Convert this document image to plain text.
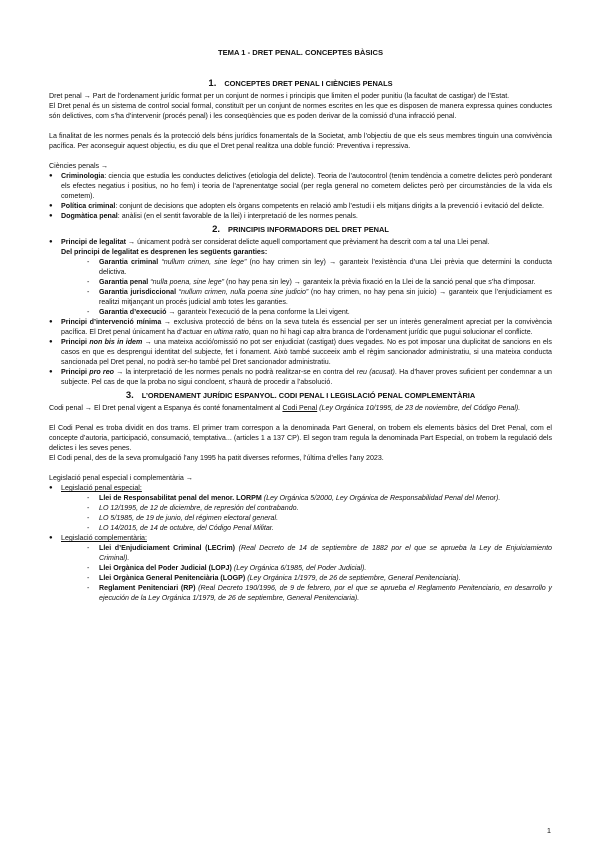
TEMA 1 - DRET PENAL. CONCEPTES BÀSICS
1. CONCEPTES DRET PENAL I CIÈNCIES PENALS

Dret penal → Part de l’ordenament jurídic format per un conjunt de normes i principis que limiten el poder punitiu (la facultat de castigar) de l’Estat.

El Dret penal és un sistema de control social formal, constituït per un conjunt de normes escrites en les que es disposen de manera expressa quines conductes són delictives, com s’ha d’intervenir (procés penal) i les conseqüències que es poden derivar de la comissió d’una infracció penal.

La finalitat de les normes penals és la protecció dels béns jurídics fonamentals de la Societat, amb l’objectiu de que els seus membres tinguin una convivència pacífica. Per aconseguir aquest objectiu, es diu que el Dret penal realitza una doble funció: Preventiva i repressiva.

Ciències penals →

● Criminologia: ciencia que estudia les conductes delictives (etiologia del delicte). Teoria de l’autocontrol (tenim tendència a cometre delictes però ponderant els efectes negatius i positius, no ho fem) i teoria de l’aprenentatge social (per regla general no cometem delictes però per circumstàncies de la vida els cometem).
● Política criminal: conjunt de decisions que adopten els òrgans competents en relació amb l’estudi i els mitjans dirigits a la prevenció i evitació del delicte.
● Dogmàtica penal: anàlisi (en el sentit favorable de la llei) i interpretació de les normes penals.
2. PRINCIPIS INFORMADORS DEL DRET PENAL
● Principi de legalitat → únicament podrà ser considerat delicte aquell comportament que prèviament ha descrit com a tal una Llei penal.
Del principi de legalitat es desprenen les següents garanties:
- Garantia criminal “nullum crimen, sine lege” (no hay crimen sin ley) → garanteix l’existència d’una Llei prèvia que determini la conducta delictiva.
- Garantia penal “nulla poena, sine lege” (no hay pena sin ley) → garanteix la prèvia fixació en la Llei de la sanció penal que s’ha d’imposar.
- Garantia jurisdiccional “nullum crimen, nulla poena sine judicio” (no hay crimen, no hay pena sin juicio) → garanteix que l’enjudiciament es realitzi mitjançant un procés judicial amb totes les garanties.
- Garantia d’execució → garanteix l’execució de la pena conforme la Llei vigent.
● Principi d’intervenció mínima → exclusiva protecció de béns on la seva tutela és essencial per ser un interès generalment apreciat per la convivència pacífica. El Dret penal únicament ha d’actuar en ultima ratio, quan no hi hagi cap altra branca de l’ordenament jurídic que pugui solucionar el conflicte.
● Principi non bis in idem → una mateixa acció/omissió no pot ser enjudiciat (castigat) dues vegades. No es pot imposar una duplicitat de sancions en els casos en que es desprengui identitat del subjecte, fet i fonament. Això també succeeix amb el règim sancionador administratiu, si una mateixa conducta sancionada pel Dret penal, no podrà ser-ho també pel Dret sancionador administratiu.
● Principi pro reo → la interpretació de les normes penals no podrà realitzar-se en contra del reu (acusat). Ha d’haver proves suficient per condemnar a un subjecte. Pel cas de que la proba no sigui concloent, s’haurà de procedir a l’absolució.
3. L’ORDENAMENT JURÍDIC ESPANYOL. CODI PENAL I LEGISLACIÓ PENAL COMPLEMENTÀRIA

Codi penal → El Dret penal vigent a Espanya és conté fonamentalment al Codi Penal (Ley Orgánica 10/1995, de 23 de noviembre, del Código Penal).

El Codi Penal es troba dividit en dos trams. El primer tram correspon a la denominada Part General, on trobem els elements bàsics del Dret Penal, com el concepte d’autoria, participació, consumació, temptativa... (articles 1 a 137 CP). El segon tram regula la denominada Part Especial, on trobem la regulació dels delictes i les seves penes.

El Codi penal, des de la seva promulgació l’any 1995 ha patit diverses reformes, l’última d’elles l’any 2023.

Legislació penal especial i complementària →

● Legislació penal especial:
- Llei de Responsabilitat penal del menor. LORPM (Ley Orgánica 5/2000, Ley Orgánica de Responsabilidad Penal del Menor).
- LO 12/1995, de 12 de diciembre, de represión del contrabando.
- LO 5/1985, de 19 de junio, del régimen electoral general.
- LO 14/2015, de 14 de octubre, del Código Penal Militar.
● Legislació complementària:
- Llei d’Enjudiciament Criminal (LECrim) (Real Decreto de 14 de septiembre de 1882 por el que se aprueba la Ley de Enjuiciamiento Criminal).
- Llei Orgànica del Poder Judicial (LOPJ) (Ley Orgánica 6/1985, del Poder Judicial).
- Llei Orgànica General Penitenciària (LOGP) (Ley Orgánica 1/1979, de 26 de septiembre, General Penitenciaria).
- Reglament Penitenciari (RP) (Real Decreto 190/1996, de 9 de febrero, por el que se aprueba el Reglamento Penitenciario, en desarrollo y ejecución de la Ley Orgánica 1/1979, de 26 de septiembre, General Penitenciaria).
1
